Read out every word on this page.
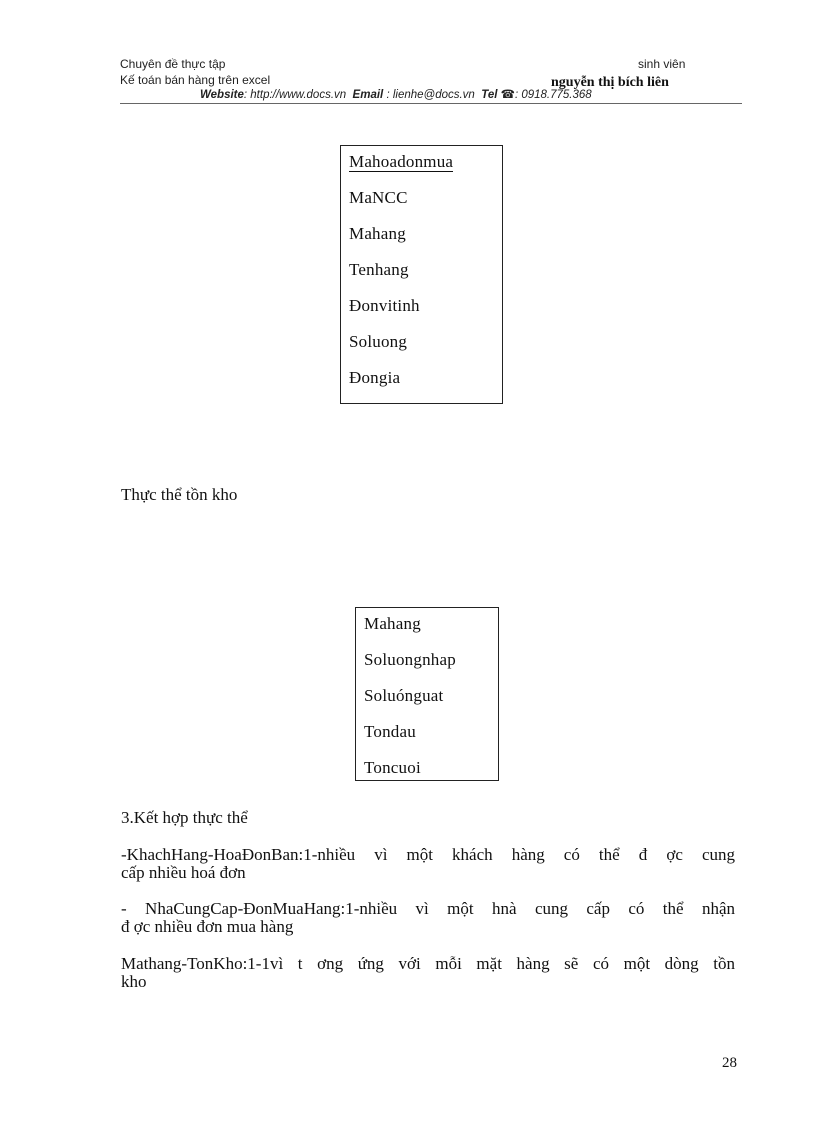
Chuyên đề thực tập
Kế toán bán hàng trên excel
sinh viên
nguyễn thị bích liên
Website: http://www.docs.vn Email : lienhe@docs.vn Tel ☎: 0918.775.368
Mahoadonmua
MaNCC
Mahang
Tenhang
Đonvitinh
Soluong
Đongia
Thực thể tồn kho
Mahang
Soluongnhap
Soluónguat
Tondau
Toncuoi
3.Kết hợp thực thể
-KhachHang-HoaĐonBan:1-nhiều vì một khách hàng có thể đ ợc cung
cấp nhiều hoá đơn
- NhaCungCap-ĐonMuaHang:1-nhiều vì một hnà cung cấp có thể nhận
đ ợc nhiều đơn mua hàng
Mathang-TonKho:1-1vì t ơng ứng với mỗi mặt hàng sẽ có một dòng tồn
kho
28
